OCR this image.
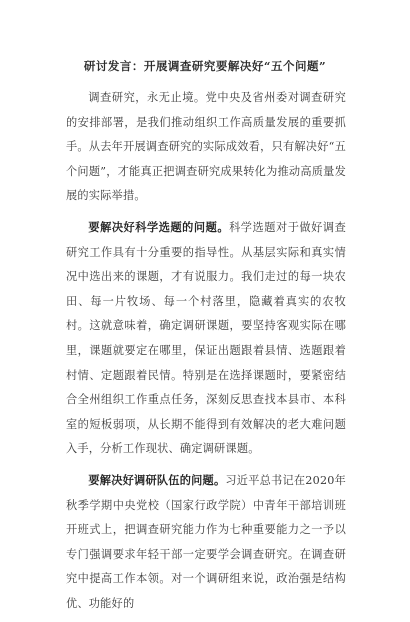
研讨发言：开展调查研究要解决好“五个问题”

调查研究，永无止境。党中央及省州委对调查研究的安排部署，是我们推动组织工作高质量发展的重要抓手。从去年开展调查研究的实际成效看，只有解决好“五个问题”，才能真正把调查研究成果转化为推动高质量发展的实际举措。

要解决好科学选题的问题。科学选题对于做好调查研究工作具有十分重要的指导性。从基层实际和真实情况中选出来的课题，才有说服力。我们走过的每一块农田、每一片牧场、每一个村落里，隐藏着真实的农牧村。这就意味着，确定调研课题，要坚持客观实际在哪里，课题就要定在哪里，保证出题跟着县情、选题跟着村情、定题跟着民情。特别是在选择课题时，要紧密结合全州组织工作重点任务，深刻反思查找本县市、本科室的短板弱项，从长期不能得到有效解决的老大难问题入手，分析工作现状、确定调研课题。

要解决好调研队伍的问题。习近平总书记在2020年秋季学期中央党校（国家行政学院）中青年干部培训班开班式上，把调查研究能力作为七种重要能力之一予以专门强调要求年轻干部一定要学会调查研究。在调查研究中提高工作本领。对一个调研组来说，政治强是结构优、功能好的
